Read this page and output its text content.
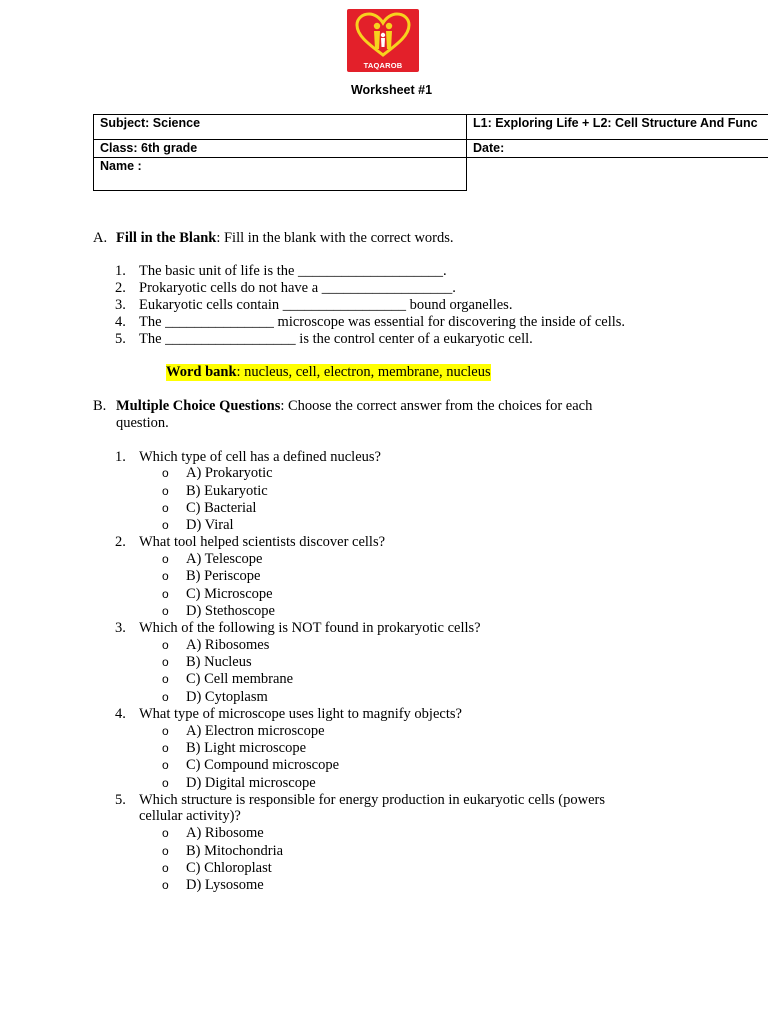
TAQAROB
Worksheet #1
Subject: Science	L1: Exploring Life + L2: Cell Structure And Func
Class: 6th grade	Date:
Name :
A. Fill in the Blank: Fill in the blank with the correct words.
1. The basic unit of life is the ____________________.
2. Prokaryotic cells do not have a __________________.
3. Eukaryotic cells contain _________________ bound organelles.
4. The _______________ microscope was essential for discovering the inside of cells.
5. The __________________ is the control center of a eukaryotic cell.
Word bank: nucleus, cell, electron, membrane, nucleus
B. Multiple Choice Questions: Choose the correct answer from the choices for each
question.
1. Which type of cell has a defined nucleus?
o A) Prokaryotic
o B) Eukaryotic
o C) Bacterial
o D) Viral
2. What tool helped scientists discover cells?
o A) Telescope
o B) Periscope
o C) Microscope
o D) Stethoscope
3. Which of the following is NOT found in prokaryotic cells?
o A) Ribosomes
o B) Nucleus
o C) Cell membrane
o D) Cytoplasm
4. What type of microscope uses light to magnify objects?
o A) Electron microscope
o B) Light microscope
o C) Compound microscope
o D) Digital microscope
5. Which structure is responsible for energy production in eukaryotic cells (powers
cellular activity)?
o A) Ribosome
o B) Mitochondria
o C) Chloroplast
o D) Lysosome
